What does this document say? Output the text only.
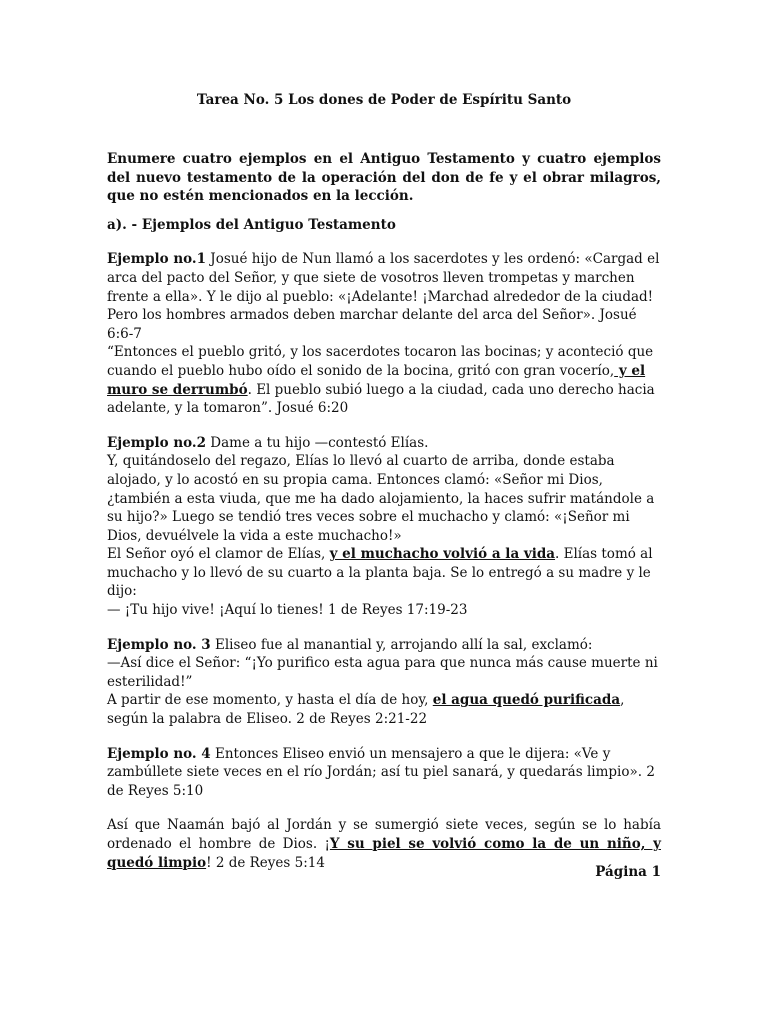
Tarea No. 5 Los dones de Poder de Espíritu Santo

Enumere cuatro ejemplos en el Antiguo Testamento y cuatro ejemplos del nuevo testamento de la operación del don de fe y el obrar milagros, que no estén mencionados en la lección.

a). - Ejemplos del Antiguo Testamento

Ejemplo no.1 Josué hijo de Nun llamó a los sacerdotes y les ordenó: «Cargad el arca del pacto del Señor, y que siete de vosotros lleven trompetas y marchen frente a ella». Y le dijo al pueblo: «¡Adelante! ¡Marchad alrededor de la ciudad! Pero los hombres armados deben marchar delante del arca del Señor». Josué 6:6-7

“Entonces el pueblo gritó, y los sacerdotes tocaron las bocinas; y aconteció que cuando el pueblo hubo oído el sonido de la bocina, gritó con gran vocerío, y el muro se derrumbó. El pueblo subió luego a la ciudad, cada uno derecho hacia adelante, y la tomaron”. Josué 6:20

Ejemplo no.2 Dame a tu hijo —contestó Elías.

Y, quitándoselo del regazo, Elías lo llevó al cuarto de arriba, donde estaba alojado, y lo acostó en su propia cama. Entonces clamó: «Señor mi Dios, ¿también a esta viuda, que me ha dado alojamiento, la haces sufrir matándole a su hijo?» Luego se tendió tres veces sobre el muchacho y clamó: «¡Señor mi Dios, devuélvele la vida a este muchacho!»

El Señor oyó el clamor de Elías, y el muchacho volvió a la vida. Elías tomó al muchacho y lo llevó de su cuarto a la planta baja. Se lo entregó a su madre y le dijo:

— ¡Tu hijo vive! ¡Aquí lo tienes! 1 de Reyes 17:19-23

Ejemplo no. 3 Eliseo fue al manantial y, arrojando allí la sal, exclamó:

—Así dice el Señor: “¡Yo purifico esta agua para que nunca más cause muerte ni esterilidad!”

A partir de ese momento, y hasta el día de hoy, el agua quedó purificada, según la palabra de Eliseo. 2 de Reyes 2:21-22

Ejemplo no. 4 Entonces Eliseo envió un mensajero a que le dijera: «Ve y zambúllete siete veces en el río Jordán; así tu piel sanará, y quedarás limpio». 2 de Reyes 5:10

Así que Naamán bajó al Jordán y se sumergió siete veces, según se lo había ordenado el hombre de Dios. ¡Y su piel se volvió como la de un niño, y quedó limpio! 2 de Reyes 5:14

Página 1
